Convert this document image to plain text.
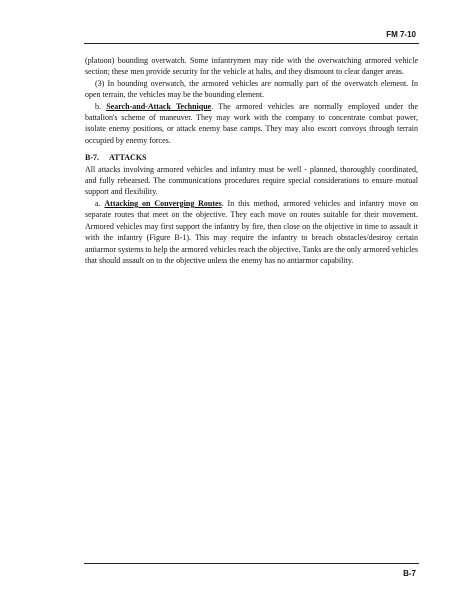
FM 7-10

(platoon) bounding overwatch. Some infantrymen may ride with the overwatching armored vehicle section; these men provide security for the vehicle at halts, and they dismount to clear danger areas.

(3) In bounding overwatch, the armored vehicles are normally part of the overwatch element. In open terrain, the vehicles may be the bounding element.

b. Search-and-Attack Technique. The armored vehicles are normally employed under the battalion's scheme of maneuver. They may work with the company to concentrate combat power, isolate enemy positions, or attack enemy base camps. They may also escort convoys through terrain occupied by enemy forces.

B-7. ATTACKS

All attacks involving armored vehicles and infantry must be well - planned, thoroughly coordinated, and fully rehearsed. The communications procedures require special considerations to ensure mutual support and flexibility.

a. Attacking on Converging Routes. In this method, armored vehicles and infantry move on separate routes that meet on the objective. They each move on routes suitable for their movement. Armored vehicles may first support the infantry by fire, then close on the objective in time to assault it with the infantry (Figure B-1). This may require the infantry to breach obstacles/destroy certain antiarmor systems to help the armored vehicles reach the objective. Tanks are the only armored vehicles that should assault on to the objective unless the enemy has no antiarmor capability.

B-7
